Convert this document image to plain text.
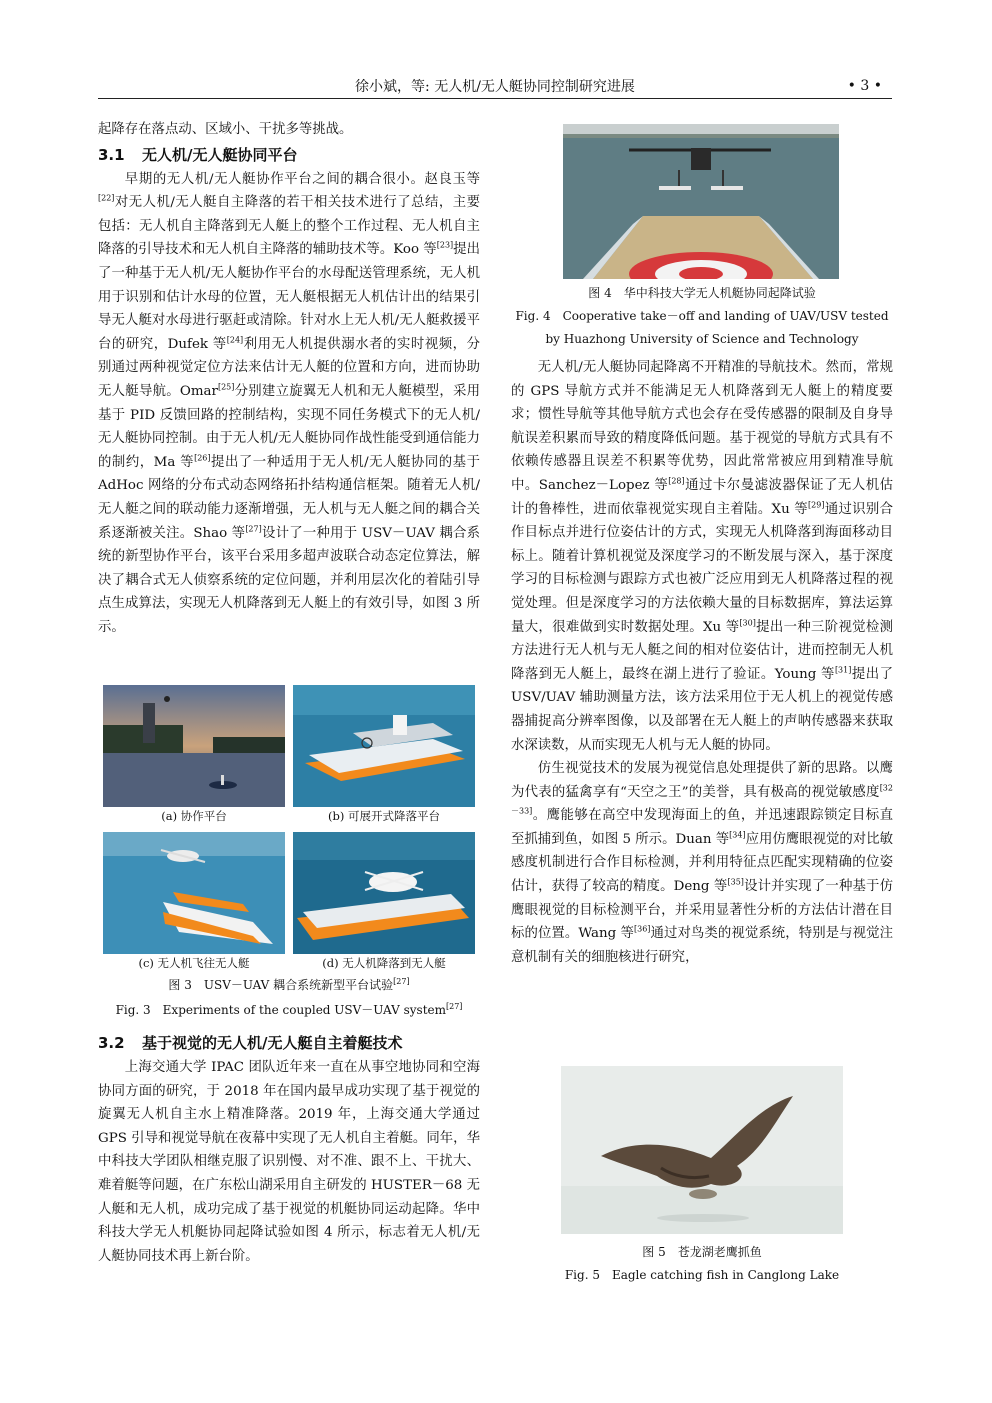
徐小斌，等: 无人机/无人艇协同控制研究进展	• 3 •

起降存在落点动、区域小、干扰多等挑战。

3.1 无人机/无人艇协同平台

早期的无人机/无人艇协作平台之间的耦合很小。赵良玉等[22]对无人机/无人艇自主降落的若干相关技术进行了总结，主要包括：无人机自主降落到无人艇上的整个工作过程、无人机自主降落的引导技术和无人机自主降落的辅助技术等。Koo 等[23]提出了一种基于无人机/无人艇协作平台的水母配送管理系统，无人机用于识别和估计水母的位置，无人艇根据无人机估计出的结果引导无人艇对水母进行驱赶或清除。针对水上无人机/无人艇救援平台的研究，Dufek 等[24]利用无人机提供溺水者的实时视频，分别通过两种视觉定位方法来估计无人艇的位置和方向，进而协助无人艇导航。Omar[25]分别建立旋翼无人机和无人艇模型，采用基于 PID 反馈回路的控制结构，实现不同任务模式下的无人机/无人艇协同控制。由于无人机/无人艇协同作战性能受到通信能力的制约，Ma 等[26]提出了一种适用于无人机/无人艇协同的基于 AdHoc 网络的分布式动态网络拓扑结构通信框架。随着无人机/无人艇之间的联动能力逐渐增强，无人机与无人艇之间的耦合关系逐渐被关注。Shao 等[27]设计了一种用于 USV－UAV 耦合系统的新型协作平台，该平台采用多超声波联合动态定位算法，解决了耦合式无人侦察系统的定位问题，并利用层次化的着陆引导点生成算法，实现无人机降落到无人艇上的有效引导，如图 3 所示。

(a) 协作平台	(b) 可展开式降落平台
(c) 无人机飞往无人艇	(d) 无人机降落到无人艇
图 3　USV－UAV 耦合系统新型平台试验[27]
Fig. 3　Experiments of the coupled USV－UAV system[27]
3.2 基于视觉的无人机/无人艇自主着艇技术

上海交通大学 IPAC 团队近年来一直在从事空地协同和空海协同方面的研究，于 2018 年在国内最早成功实现了基于视觉的旋翼无人机自主水上精准降落。2019 年，上海交通大学通过 GPS 引导和视觉导航在夜幕中实现了无人机自主着艇。同年，华中科技大学团队相继克服了识别慢、对不准、跟不上、干扰大、难着艇等问题，在广东松山湖采用自主研发的 HUSTER－68 无人艇和无人机，成功完成了基于视觉的机艇协同运动起降。华中科技大学无人机艇协同起降试验如图 4 所示，标志着无人机/无人艇协同技术再上新台阶。

图 4　华中科技大学无人机艇协同起降试验
Fig. 4　Cooperative take－off and landing of UAV/USV tested
by Huazhong University of Science and Technology

无人机/无人艇协同起降离不开精准的导航技术。然而，常规的 GPS 导航方式并不能满足无人机降落到无人艇上的精度要求；惯性导航等其他导航方式也会存在受传感器的限制及自身导航误差积累而导致的精度降低问题。基于视觉的导航方式具有不依赖传感器且误差不积累等优势，因此常常被应用到精准导航中。Sanchez－Lopez 等[28]通过卡尔曼滤波器保证了无人机估计的鲁棒性，进而依靠视觉实现自主着陆。Xu 等[29]通过识别合作目标点并进行位姿估计的方式，实现无人机降落到海面移动目标上。随着计算机视觉及深度学习的不断发展与深入，基于深度学习的目标检测与跟踪方式也被广泛应用到无人机降落过程的视觉处理。但是深度学习的方法依赖大量的目标数据库，算法运算量大，很难做到实时数据处理。Xu 等[30]提出一种三阶视觉检测方法进行无人机与无人艇之间的相对位姿估计，进而控制无人机降落到无人艇上，最终在湖上进行了验证。Young 等[31]提出了 USV/UAV 辅助测量方法，该方法采用位于无人机上的视觉传感器捕捉高分辨率图像，以及部署在无人艇上的声呐传感器来获取水深读数，从而实现无人机与无人艇的协同。

仿生视觉技术的发展为视觉信息处理提供了新的思路。以鹰为代表的猛禽享有“天空之王”的美誉，具有极高的视觉敏感度[32－33]。鹰能够在高空中发现海面上的鱼，并迅速跟踪锁定目标直至抓捕到鱼，如图 5 所示。Duan 等[34]应用仿鹰眼视觉的对比敏感度机制进行合作目标检测，并利用特征点匹配实现精确的位姿估计，获得了较高的精度。Deng 等[35]设计并实现了一种基于仿鹰眼视觉的目标检测平台，并采用显著性分析的方法估计潜在目标的位置。Wang 等[36]通过对鸟类的视觉系统，特别是与视觉注意机制有关的细胞核进行研究，

图 5　苍龙湖老鹰抓鱼
Fig. 5　Eagle catching fish in Canglong Lake
